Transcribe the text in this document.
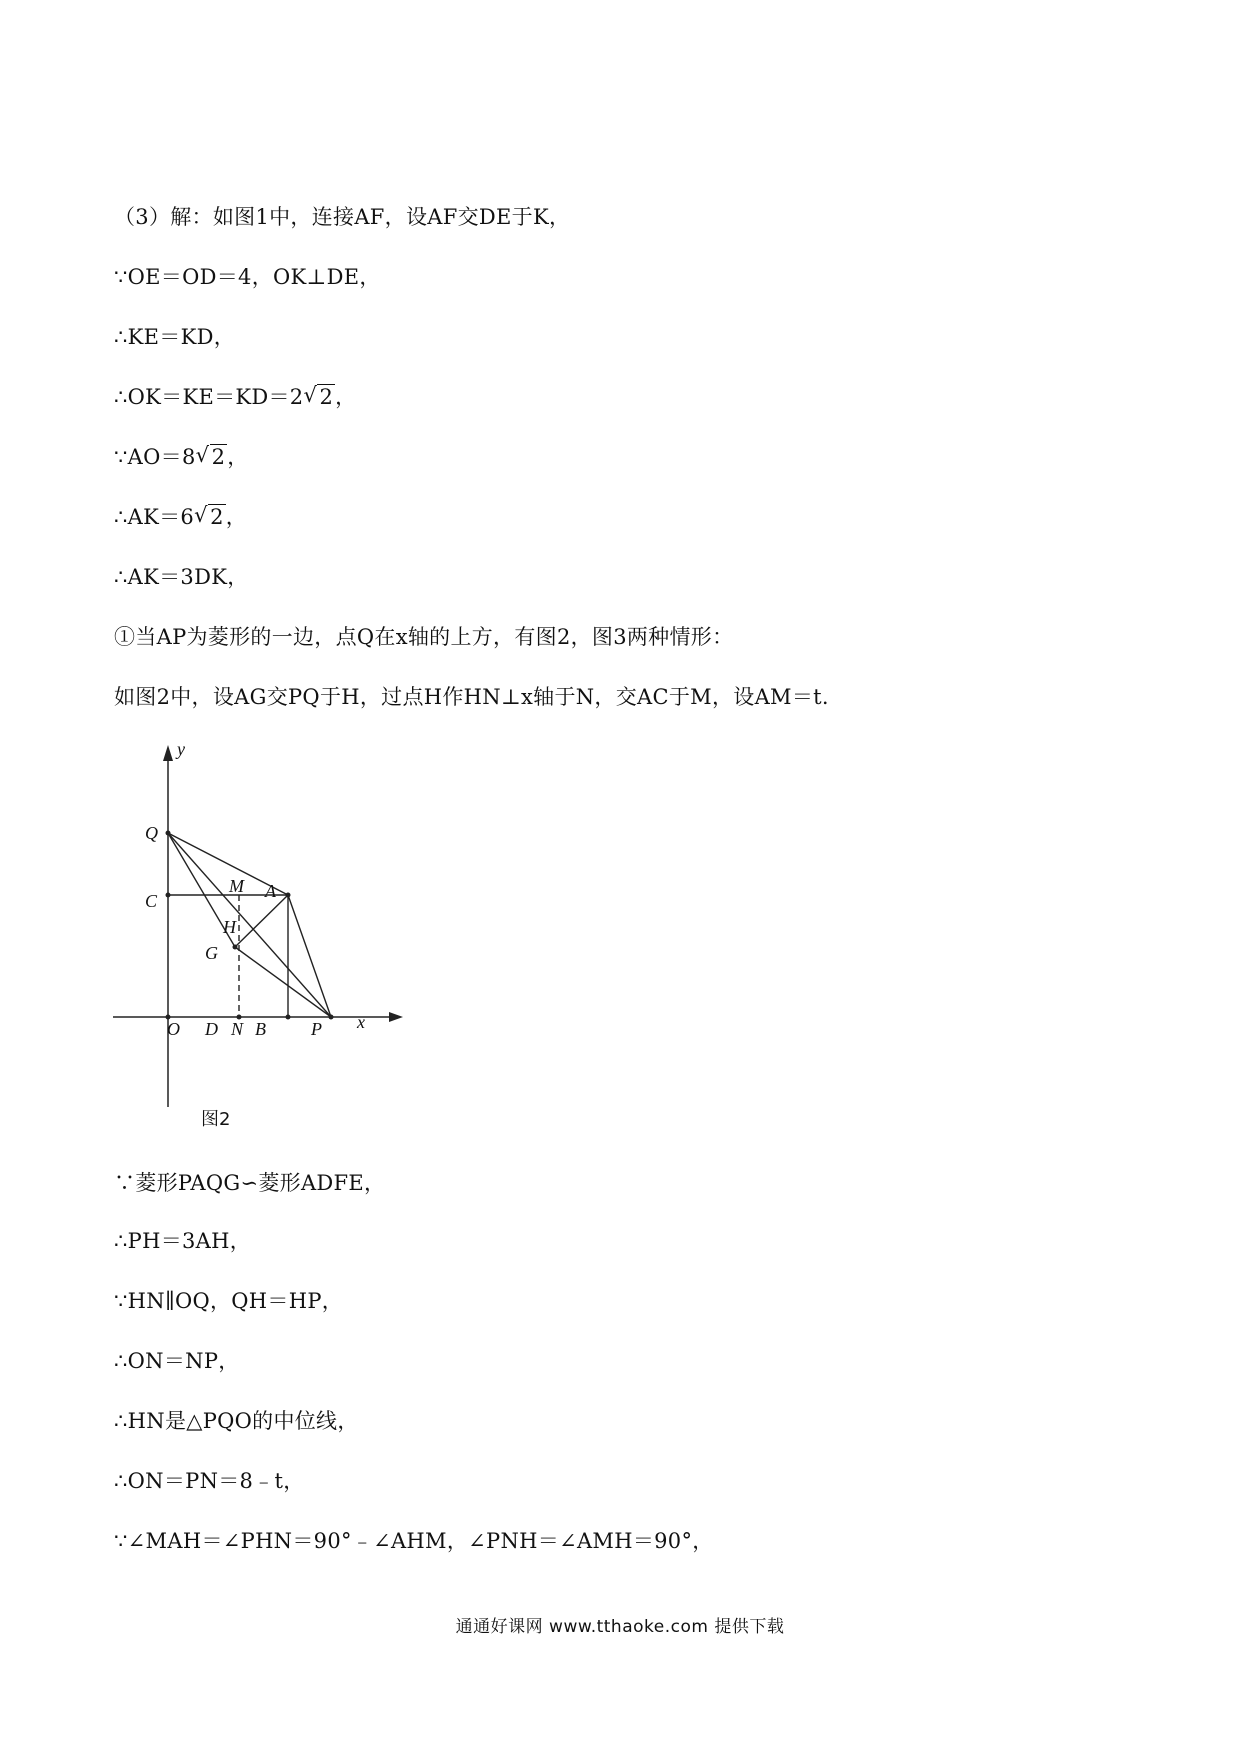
（3）解：如图1中，连接AF，设AF交DE于K，
∵OE＝OD＝4，OK⊥DE，
∴KE＝KD，
∴OK＝KE＝KD＝2 √ 2，
∵AO＝8 √ 2，
∴AK＝6 √ 2，
∴AK＝3DK，
①当AP为菱形的一边，点Q在x轴的上方，有图2，图3两种情形：
如图2中，设AG交PQ于H，过点H作HN⊥x轴于N，交AC于M，设AM＝t.
y
x
Q
C
M A
H
G
O D N B	P
图2
∵菱形PAQG∽菱形ADFE，
∴PH＝3AH，
∵HN∥OQ，QH＝HP，
∴ON＝NP，
∴HN是△PQO的中位线，
∴ON＝PN＝8﹣t，
∵∠MAH＝∠PHN＝90°﹣∠AHM，∠PNH＝∠AMH＝90°，
通通好课网 www.tthaoke.com 提供下载
